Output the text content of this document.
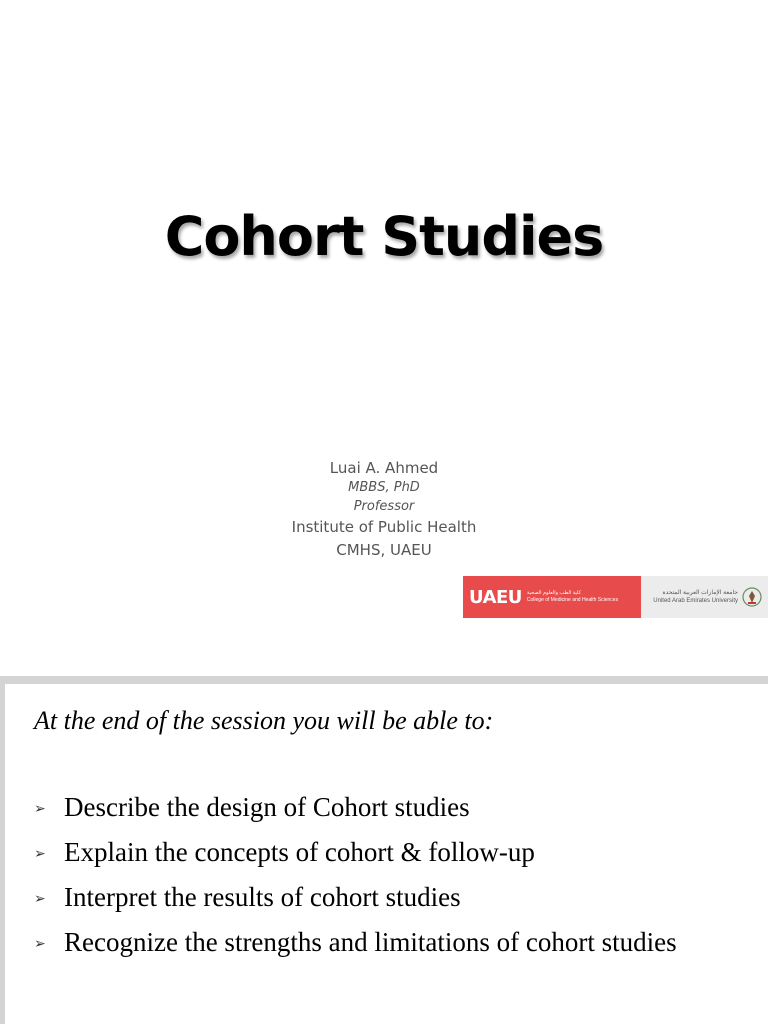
Cohort Studies
Luai A. Ahmed
MBBS, PhD
Professor
Institute of Public Health
CMHS, UAEU
UAEU كلية الطب والعلوم الصحية
College of Medicine and Health Sciences
جامعة الإمارات العربية المتحدة
United Arab Emirates University
At the end of the session you will be able to:
➢ Describe the design of Cohort studies
➢ Explain the concepts of cohort & follow-up
➢ Interpret the results of cohort studies
➢ Recognize the strengths and limitations of cohort studies
